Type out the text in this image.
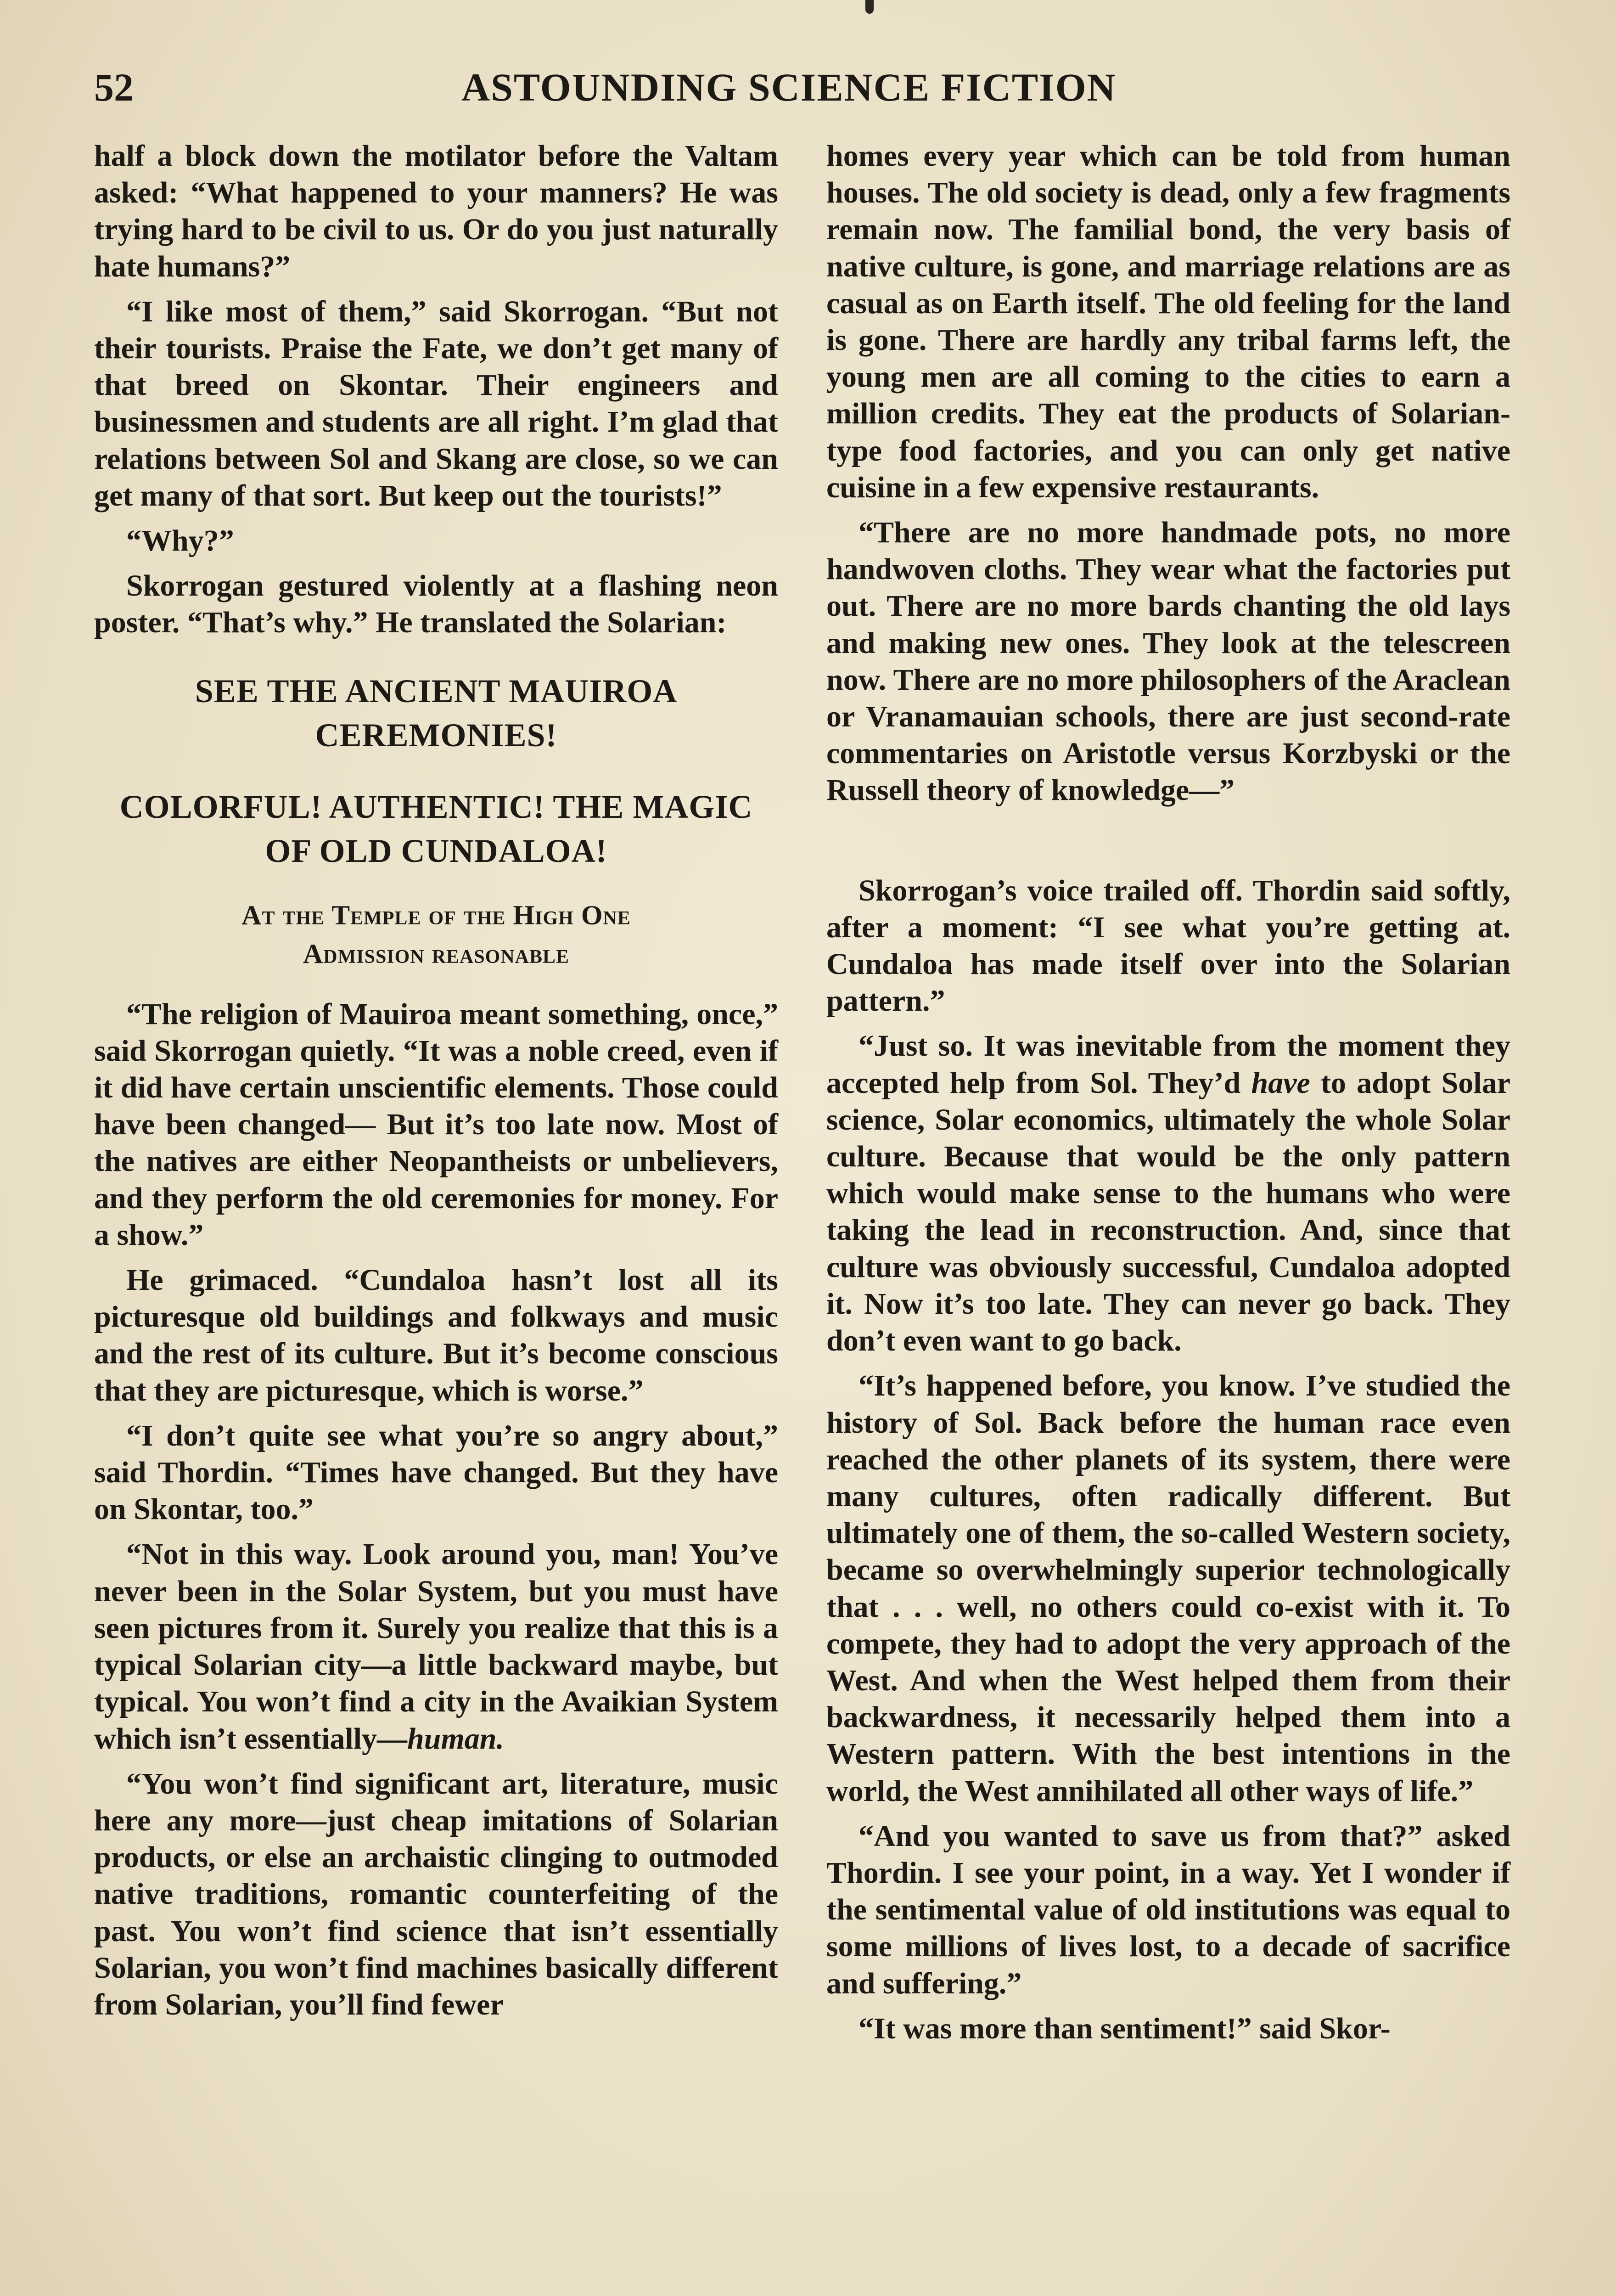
52	ASTOUNDING SCIENCE FICTION

half a block down the motilator before the Valtam asked: “What happened to your manners? He was trying hard to be civil to us. Or do you just naturally hate humans?”

“I like most of them,” said Skorrogan. “But not their tourists. Praise the Fate, we don’t get many of that breed on Skontar. Their engineers and businessmen and students are all right. I’m glad that relations between Sol and Skang are close, so we can get many of that sort. But keep out the tourists!”

“Why?”

Skorrogan gestured violently at a flashing neon poster. “That’s why.” He translated the Solarian:

SEE THE ANCIENT MAUIROA CEREMONIES!
COLORFUL! AUTHENTIC! THE MAGIC OF OLD CUNDALOA!
At the Temple of the High One
Admission reasonable

“The religion of Mauiroa meant something, once,” said Skorrogan quietly. “It was a noble creed, even if it did have certain unscientific elements. Those could have been changed— But it’s too late now. Most of the natives are either Neopantheists or unbelievers, and they perform the old ceremonies for money. For a show.”

He grimaced. “Cundaloa hasn’t lost all its picturesque old buildings and folkways and music and the rest of its culture. But it’s become conscious that they are picturesque, which is worse.”

“I don’t quite see what you’re so angry about,” said Thordin. “Times have changed. But they have on Skontar, too.”

“Not in this way. Look around you, man! You’ve never been in the Solar System, but you must have seen pictures from it. Surely you realize that this is a typical Solarian city—a little backward maybe, but typical. You won’t find a city in the Avaikian System which isn’t essentially—human.

“You won’t find significant art, literature, music here any more—just cheap imitations of Solarian products, or else an archaistic clinging to outmoded native traditions, romantic counterfeiting of the past. You won’t find science that isn’t essentially Solarian, you won’t find machines basically different from Solarian, you’ll find fewer

homes every year which can be told from human houses. The old society is dead, only a few fragments remain now. The familial bond, the very basis of native culture, is gone, and marriage relations are as casual as on Earth itself. The old feeling for the land is gone. There are hardly any tribal farms left, the young men are all coming to the cities to earn a million credits. They eat the products of Solarian-type food factories, and you can only get native cuisine in a few expensive restaurants.

“There are no more handmade pots, no more handwoven cloths. They wear what the factories put out. There are no more bards chanting the old lays and making new ones. They look at the telescreen now. There are no more philosophers of the Araclean or Vranamauian schools, there are just second-rate commentaries on Aristotle versus Korzbyski or the Russell theory of knowledge—”

Skorrogan’s voice trailed off. Thordin said softly, after a moment: “I see what you’re getting at. Cundaloa has made itself over into the Solarian pattern.”

“Just so. It was inevitable from the moment they accepted help from Sol. They’d have to adopt Solar science, Solar economics, ultimately the whole Solar culture. Because that would be the only pattern which would make sense to the humans who were taking the lead in reconstruction. And, since that culture was obviously successful, Cundaloa adopted it. Now it’s too late. They can never go back. They don’t even want to go back.

“It’s happened before, you know. I’ve studied the history of Sol. Back before the human race even reached the other planets of its system, there were many cultures, often radically different. But ultimately one of them, the so-called Western society, became so overwhelmingly superior technologically that . . . well, no others could co-exist with it. To compete, they had to adopt the very approach of the West. And when the West helped them from their backwardness, it necessarily helped them into a Western pattern. With the best intentions in the world, the West annihilated all other ways of life.”

“And you wanted to save us from that?” asked Thordin. I see your point, in a way. Yet I wonder if the sentimental value of old institutions was equal to some millions of lives lost, to a decade of sacrifice and suffering.”

“It was more than sentiment!” said Skor-
